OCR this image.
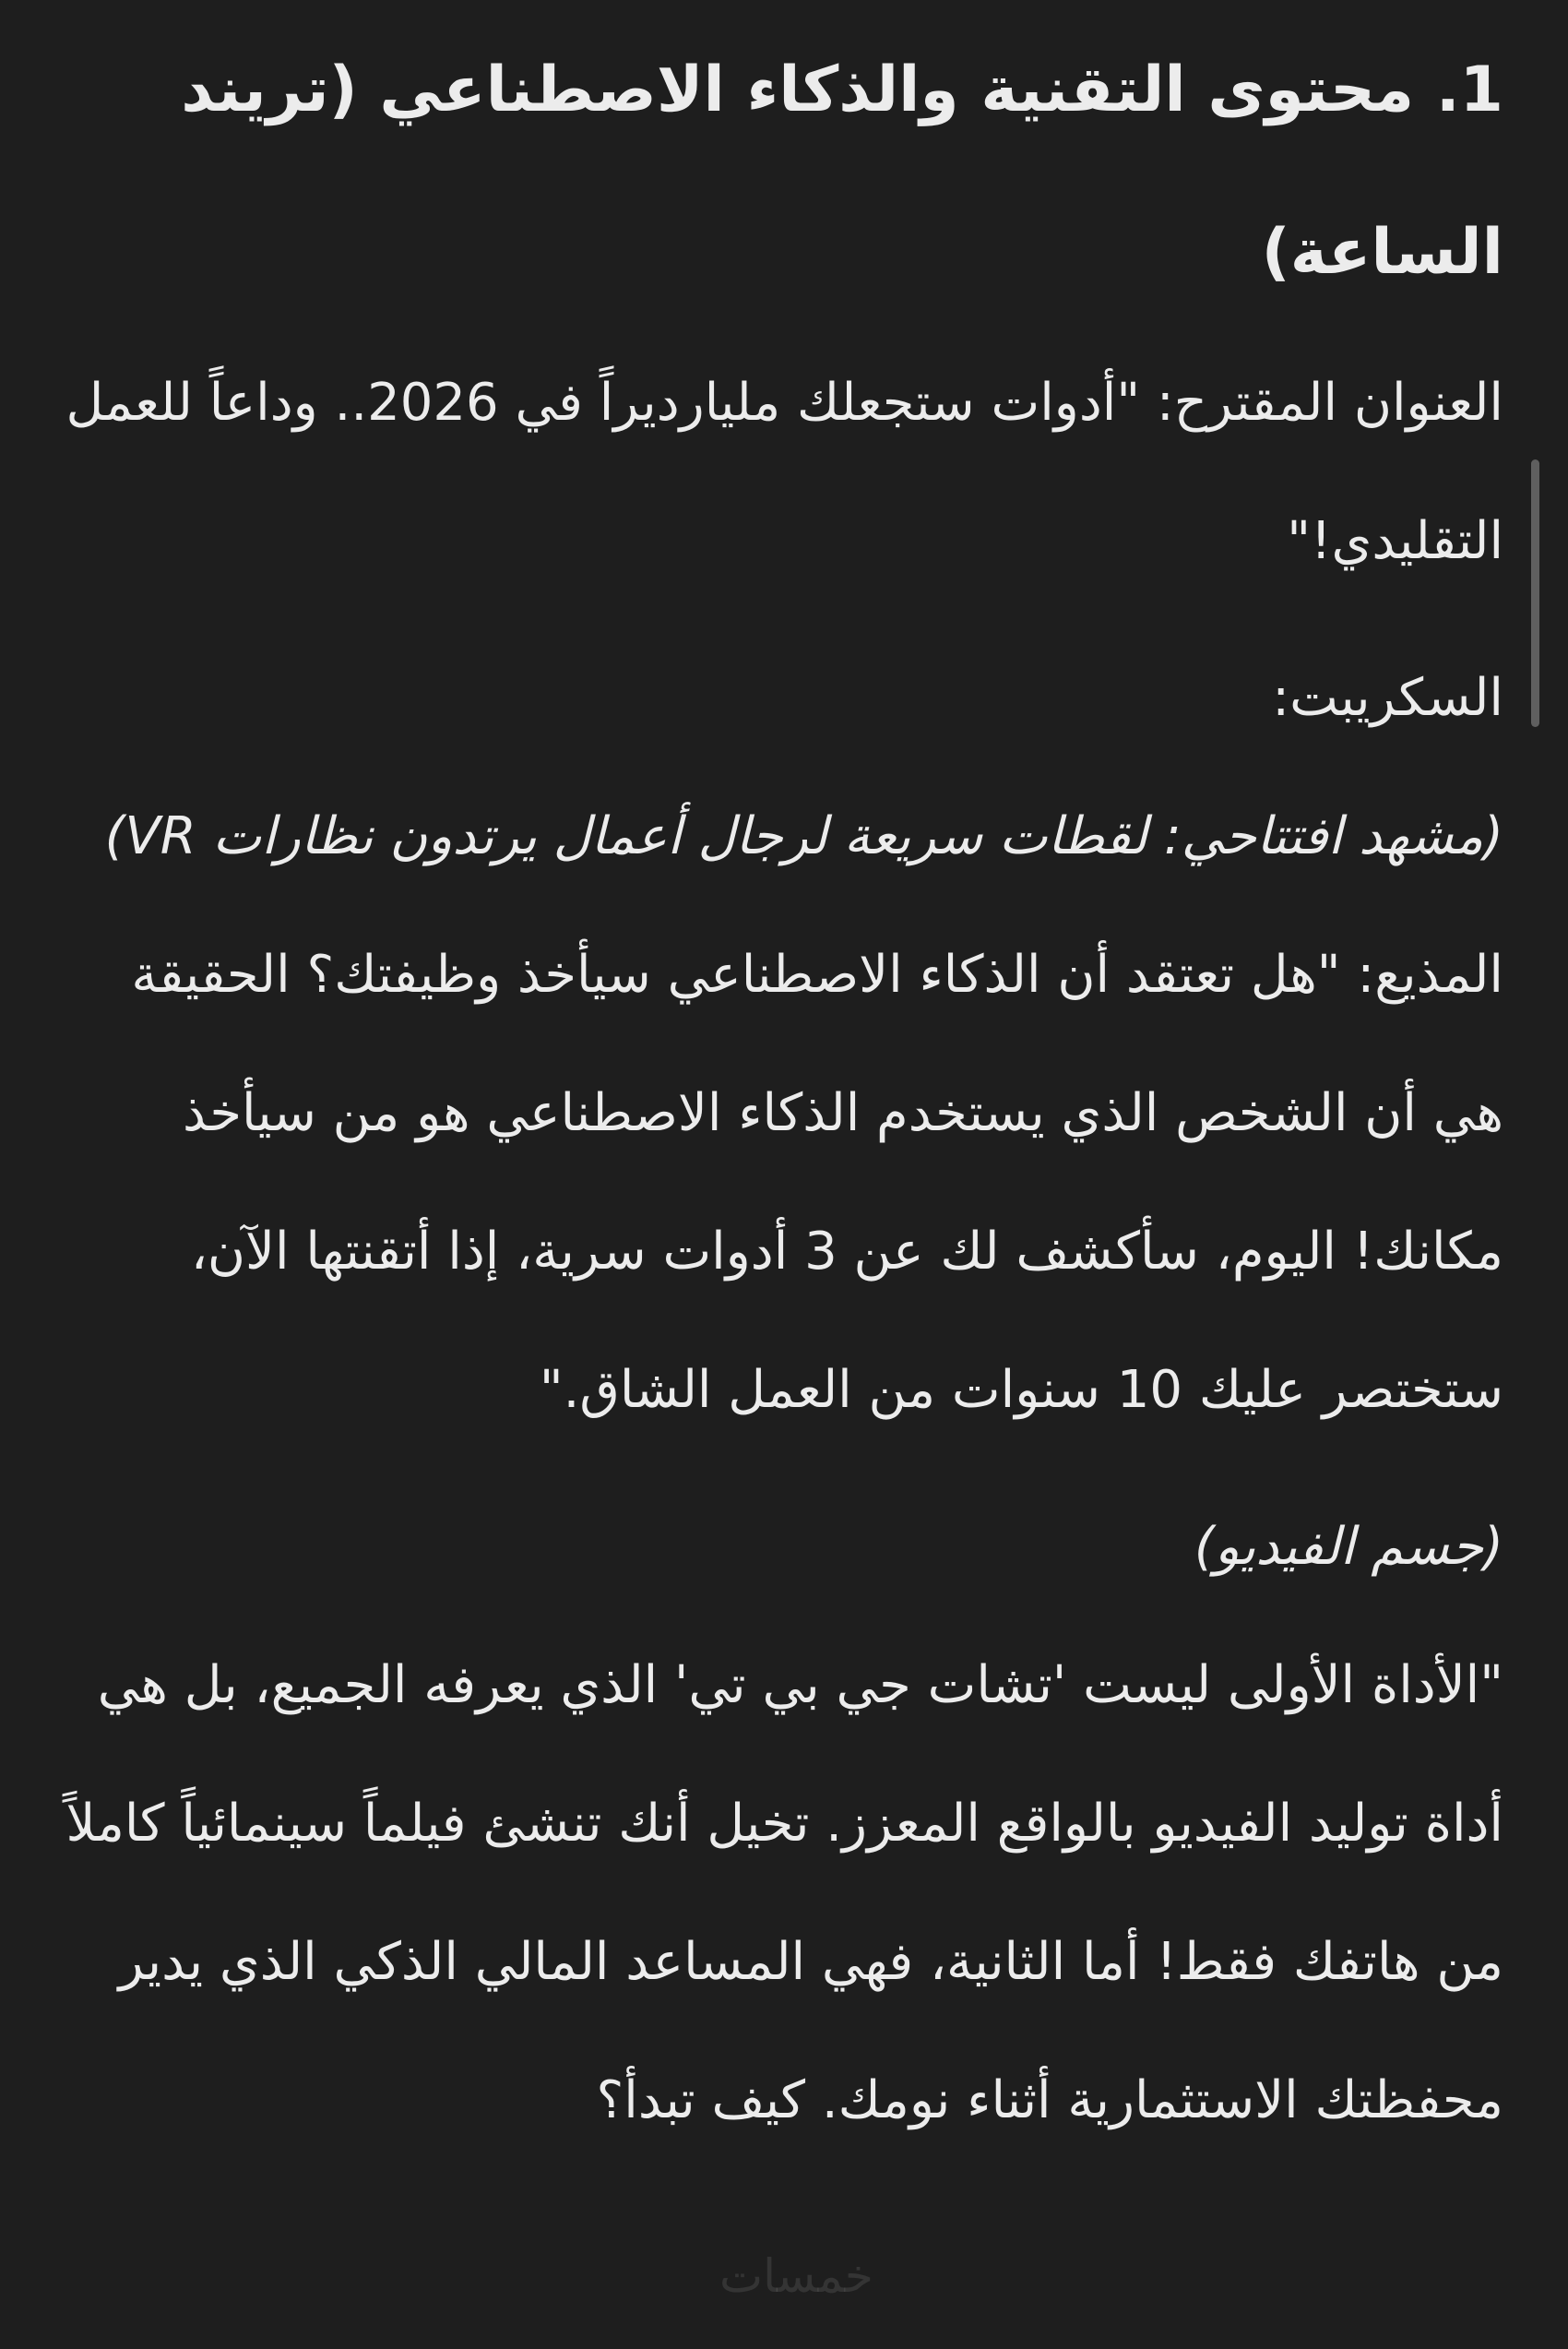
1. محتوى التقنية والذكاء الاصطناعي (تريند الساعة)

العنوان المقترح: "أدوات ستجعلك مليارديراً في 2026.. وداعاً للعمل التقليدي!"

السكريبت:

(مشهد افتتاحي: لقطات سريعة لرجال أعمال يرتدون نظارات VR)

المذيع: "هل تعتقد أن الذكاء الاصطناعي سيأخذ وظيفتك؟ الحقيقة هي أن الشخص الذي يستخدم الذكاء الاصطناعي هو من سيأخذ مكانك! اليوم، سأكشف لك عن 3 أدوات سرية، إذا أتقنتها الآن، ستختصر عليك 10 سنوات من العمل الشاق."

(جسم الفيديو)

"الأداة الأولى ليست 'تشات جي بي تي' الذي يعرفه الجميع، بل هي أداة توليد الفيديو بالواقع المعزز. تخيل أنك تنشئ فيلماً سينمائياً كاملاً من هاتفك فقط! أما الثانية، فهي المساعد المالي الذكي الذي يدير محفظتك الاستثمارية أثناء نومك. كيف تبدأ؟

خمسات
